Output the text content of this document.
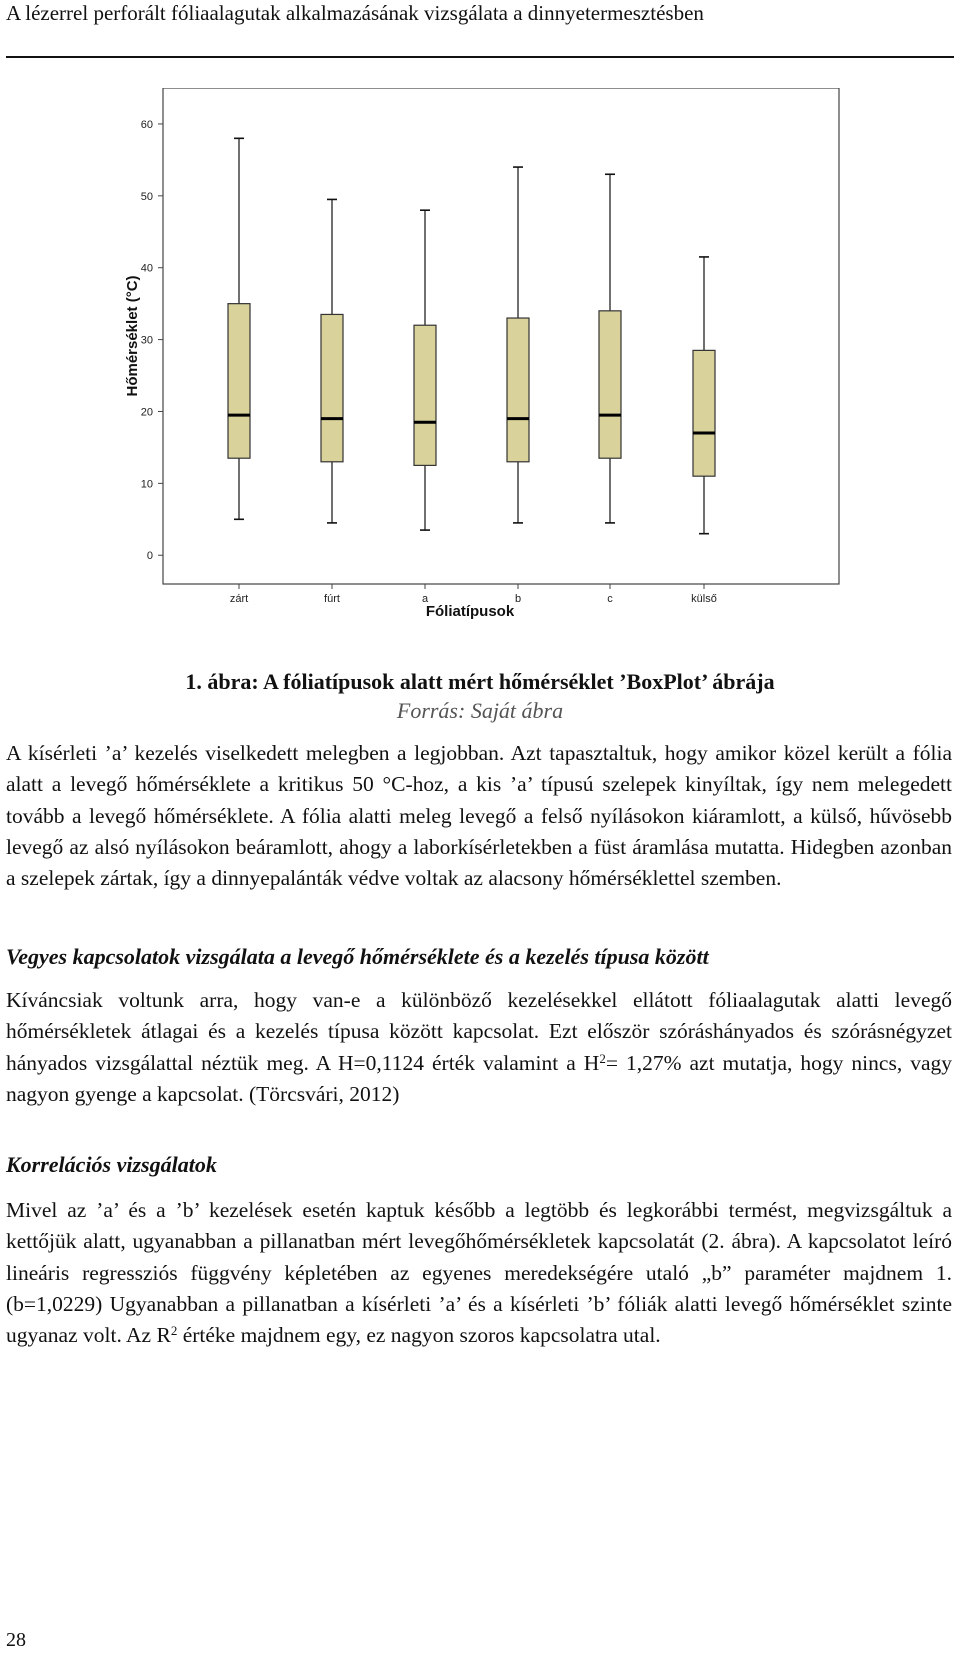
A lézerrel perforált fóliaalagutak alkalmazásának vizsgálata a dinnyetermesztésben
0
10
20
30
40
50
60
zárt	fúrt	a	b	c	külső
Hőmérséklet (°C)
Fóliatípusok
1. ábra: A fóliatípusok alatt mért hőmérséklet ’BoxPlot’ ábrája
Forrás: Saját ábra

A kísérleti ’a’ kezelés viselkedett melegben a legjobban. Azt tapasztaltuk, hogy amikor közel került a fólia alatt a levegő hőmérséklete a kritikus 50 °C-hoz, a kis ’a’ típusú szelepek kinyíltak, így nem melegedett tovább a levegő hőmérséklete. A fólia alatti meleg levegő a felső nyílásokon kiáramlott, a külső, hűvösebb levegő az alsó nyílásokon beáramlott, ahogy a laborkísérletekben a füst áramlása mutatta. Hidegben azonban a szelepek zártak, így a dinnyepalánták védve voltak az alacsony hőmérséklettel szemben.

Vegyes kapcsolatok vizsgálata a levegő hőmérséklete és a kezelés típusa között

Kíváncsiak voltunk arra, hogy van-e a különböző kezelésekkel ellátott fóliaalagutak alatti levegő hőmérsékletek átlagai és a kezelés típusa között kapcsolat. Ezt először szóráshányados és szórásnégyzet hányados vizsgálattal néztük meg. A H=0,1124 érték valamint a $H^2= 1,27\%$ azt mutatja, hogy nincs, vagy nagyon gyenge a kapcsolat. (Törcsvári, 2012)

Korrelációs vizsgálatok

Mivel az ’a’ és a ’b’ kezelések esetén kaptuk később a legtöbb és legkorábbi termést, megvizsgáltuk a kettőjük alatt, ugyanabban a pillanatban mért levegőhőmérsékletek kapcsolatát (2. ábra). A kapcsolatot leíró lineáris regressziós függvény képletében az egyenes meredekségére utaló „b” paraméter majdnem 1. (b=1,0229) Ugyanabban a pillanatban a kísérleti ’a’ és a kísérleti ’b’ fóliák alatti levegő hőmérséklet szinte ugyanaz volt. Az $R^2$ értéke majdnem egy, ez nagyon szoros kapcsolatra utal.

28
